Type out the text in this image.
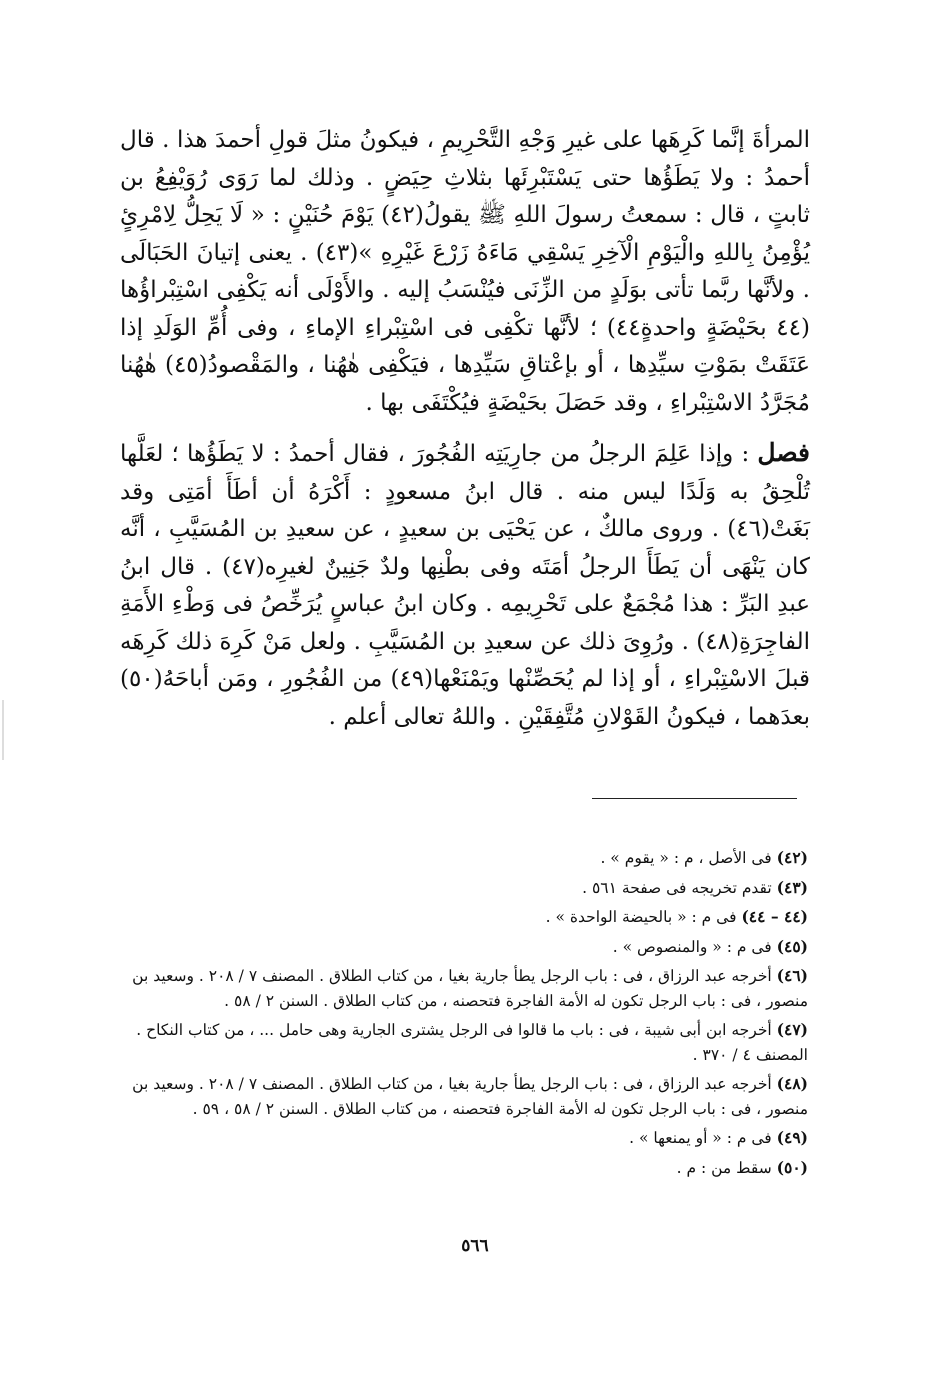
المرأةَ إنَّما كَرِهَها على غيرِ وَجْهِ التَّحْرِيمِ ، فيكونُ مثلَ قولِ أحمدَ هذا . قال أحمدُ : ولا يَطَؤُها حتى يَسْتَبْرِئَها بثلاثِ حِيَضٍ . وذلك لما رَوَى رُوَيْفِعُ بن ثابتٍ ، قال : سمعتُ رسولَ اللهِ ﷺ يقولُ(٤٢) يَوْمَ حُنَيْنٍ : « لَا يَحِلُّ لِامْرِئٍ يُؤْمِنُ بِاللهِ والْيَوْمِ الْآخِرِ يَسْقِي مَاءَهُ زَرْعَ غَيْرِهِ »(٤٣) . يعنى إتيانَ الحَبَالَى . ولأنَّها ربَّما تأتى بوَلَدٍ من الزِّنَى فيُنْسَبُ إليه . والأَوْلَى أنه يَكْفِى اسْتِبْراؤُها (٤٤ بحَيْضَةٍ واحدةٍ٤٤) ؛ لأنَّها تكْفِى فى اسْتِبْراءِ الإماءِ ، وفى أُمِّ الوَلَدِ إذا عَتَقَتْ بمَوْتِ سيِّدِها ، أو بإعْتاقِ سَيِّدِها ، فيَكْفِى هٰهُنا ، والمَقْصودُ(٤٥) هٰهُنا مُجَرَّدُ الاسْتِبْراءِ ، وقد حَصَلَ بحَيْضَةٍ فيُكْتَفَى بها .

فصل : وإذا عَلِمَ الرجلُ من جارِيَتِه الفُجُورَ ، فقال أحمدُ : لا يَطَؤُها ؛ لعَلَّها تُلْحِقُ به وَلَدًا ليس منه . قال ابنُ مسعودٍ : أَكْرَهُ أن أطَأَ أمَتِى وقد بَغَتْ(٤٦) . وروى مالكٌ ، عن يَحْيَى بن سعيدٍ ، عن سعيدِ بن المُسَيَّبِ ، أنَّه كان يَنْهَى أن يَطَأَ الرجلُ أمَتَه وفى بطْنِها ولدٌ جَنِينٌ لغيرِه(٤٧) . قال ابنُ عبدِ البَرِّ : هذا مُجْمَعٌ على تَحْرِيمِه . وكان ابنُ عباسٍ يُرَخِّصُ فى وَطْءِ الأَمَةِ الفاجِرَةِ(٤٨) . ورُوِىَ ذلك عن سعيدِ بن المُسَيَّبِ . ولعل مَنْ كَرِهَ ذلك كَرِهَه قبلَ الاسْتِبْراءِ ، أو إذا لم يُحَصِّنْها ويَمْنَعْها(٤٩) من الفُجُورِ ، ومَن أباحَهُ(٥٠) بعدَهما ، فيكونُ القَوْلانِ مُتَّفِقَيْنِ . واللهُ تعالى أعلم .

(٤٢) فى الأصل ، م : « يقوم » .

(٤٣) تقدم تخريجه فى صفحة ٥٦١ .

(٤٤ – ٤٤) فى م : « بالحيضة الواحدة » .

(٤٥) فى م : « والمنصوص » .

(٤٦) أخرجه عبد الرزاق ، فى : باب الرجل يطأ جارية بغيا ، من كتاب الطلاق . المصنف ٧ / ٢٠٨ . وسعيد بن منصور ، فى : باب الرجل تكون له الأمة الفاجرة فتحصنه ، من كتاب الطلاق . السنن ٢ / ٥٨ .

(٤٧) أخرجه ابن أبى شيبة ، فى : باب ما قالوا فى الرجل يشترى الجارية وهى حامل ... ، من كتاب النكاح . المصنف ٤ / ٣٧٠ .

(٤٨) أخرجه عبد الرزاق ، فى : باب الرجل يطأ جارية بغيا ، من كتاب الطلاق . المصنف ٧ / ٢٠٨ . وسعيد بن منصور ، فى : باب الرجل تكون له الأمة الفاجرة فتحصنه ، من كتاب الطلاق . السنن ٢ / ٥٨ ، ٥٩ .

(٤٩) فى م : « أو يمنعها » .

(٥٠) سقط من : م .

٥٦٦
